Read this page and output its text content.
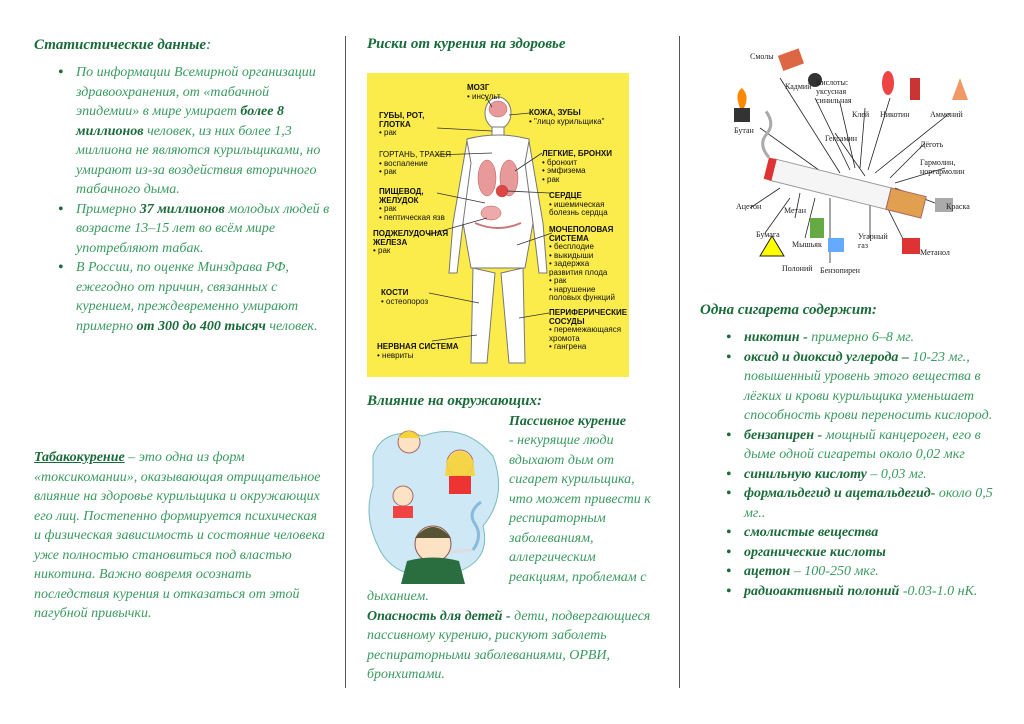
Статистические данные:
• По информации Всемирной организации здравоохранения, от «табачной эпидемии» в мире умирает более 8 миллионов человек, из них более 1,3 миллиона не являются курильщиками, но умирают из-за воздействия вторичного табачного дыма.
• Примерно 37 миллионов молодых людей в возрасте 13–15 лет во всём мире употребляют табак.
• В России, по оценке Минздрава РФ, ежегодно от причин, связанных с курением, преждевременно умирают примерно от 300 до 400 тысяч человек.

Табакокурение – это одна из форм «токсикомании», оказывающая отрицательное влияние на здоровье курильщика и окружающих его лиц. Постепенно формируется психическая и физическая зависимость и состояние человека уже полностью становиться под властью никотина. Важно вовремя осознать последствия курения и отказаться от этой пагубной привычки.

Риски от курения на здоровье
МОЗГ
• инсульт
ГУБЫ, РОТ, ГЛОТКА
• рак
КОЖА, ЗУБЫ
• "лицо курильщика"
ГОРТАНЬ, ТРАХЕЯ
• воспаление
• рак
ЛЕГКИЕ, БРОНХИ
• бронхит
• эмфизема
• рак
ПИЩЕВОД, ЖЕЛУДОК
• рак
• пептическая язв
СЕРДЦЕ
• ишемическая
болезнь сердца
ПОДЖЕЛУДОЧНАЯ ЖЕЛЕЗА
• рак
МОЧЕПОЛОВАЯ СИСТЕМА
• бесплодие
• выкидыши
• задержка
развития плода
• рак
• нарушение
половых функций
КОСТИ
• остеопороз
ПЕРИФЕРИЧЕСКИЕ СОСУДЫ
• перемежающаяся
хромота
• гангрена
НЕРВНАЯ СИСТЕМА
• невриты
Влияние на окружающих:
Пассивное курение

- некурящие люди вдыхают дым от сигарет курильщика, что может привести к респираторным заболеваниям, аллергическим реакциям, проблемам с дыханием.
Опасность для детей - дети, подвергающиеся пассивному курению, рискуют заболеть респираторными заболеваниями, ОРВИ, бронхитами.

Смолы
Кадмий Кислоты:
уксусная
синильная
Клей Никотин	Аммоний
Бутан
Гексамин
Дёготь
Гармолин,
норгармолин
Ацетон	Метан	Краска
Бумага
Мышьяк
Угарный
газ
Метанол
Полоний Бензопирен
Одна сигарета содержит:
• никотин - примерно 6–8 мг.
• оксид и диоксид углерода – 10-23 мг., повышенный уровень этого вещества в лёгких и крови курильщика уменьшает способность крови переносить кислород.
• бензапирен - мощный канцероген, его в дыме одной сигареты около 0,02 мкг
• синильную кислоту – 0,03 мг.
• формальдегид и ацетальдегид- около 0,5 мг..
• смолистые вещества
• органические кислоты
• ацетон – 100-250 мкг.
• радиоактивный полоний -0.03-1.0 нК.
